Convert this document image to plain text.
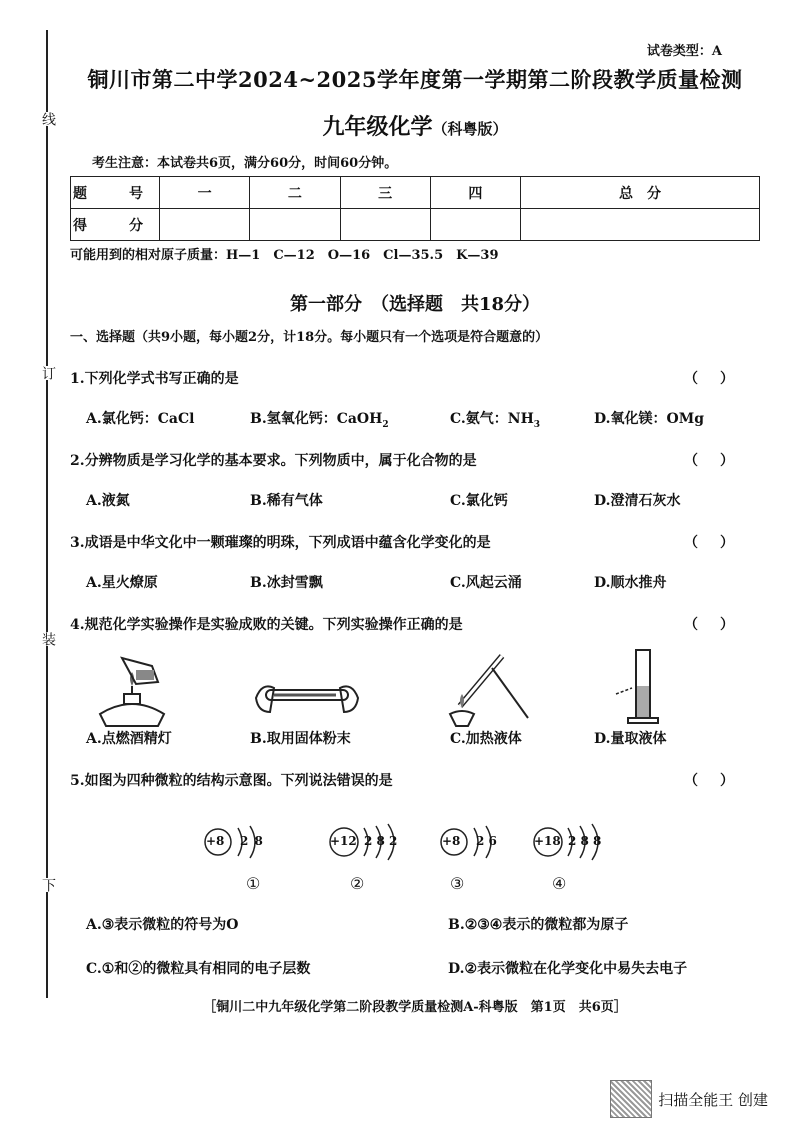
线
订
装
下
试卷类型：A
铜川市第二中学2024~2025学年度第一学期第二阶段教学质量检测
九年级化学（科粤版）
考生注意：本试卷共6页，满分60分，时间60分钟。
题　号	一	二	三	四	总　分
得　分					
可能用到的相对原子质量：H—1　C—12　O—16　Cl—35.5　K—39
第一部分　（选择题　共18分）
一、选择题（共9小题，每小题2分，计18分。每小题只有一个选项是符合题意的）
1.下列化学式书写正确的是	（　）
A.氯化钙：CaCl	B.氢氧化钙：CaOH$_2$	C.氨气：$NH_3$	D.氧化镁：OMg
2.分辨物质是学习化学的基本要求。下列物质中，属于化合物的是	（　）
A.液氮	B.稀有气体	C.氯化钙	D.澄清石灰水
3.成语是中华文化中一颗璀璨的明珠，下列成语中蕴含化学变化的是	（　）
A.星火燎原	B.冰封雪飘	C.风起云涌	D.顺水推舟
4.规范化学实验操作是实验成败的关键。下列实验操作正确的是	（　）
A.点燃酒精灯	B.取用固体粉末	C.加热液体	D.量取液体
5.如图为四种微粒的结构示意图。下列说法错误的是	（　）
+8 2 8
①
+12 2 8 2
②
+8 2 6
③
+18 2 8 8
④
A.③表示微粒的符号为O	B.②③④表示的微粒都为原子
C.①和②的微粒具有相同的电子层数	D.②表示微粒在化学变化中易失去电子
［铜川二中九年级化学第二阶段教学质量检测A-科粤版　第1页　共6页］
扫描全能王 创建
